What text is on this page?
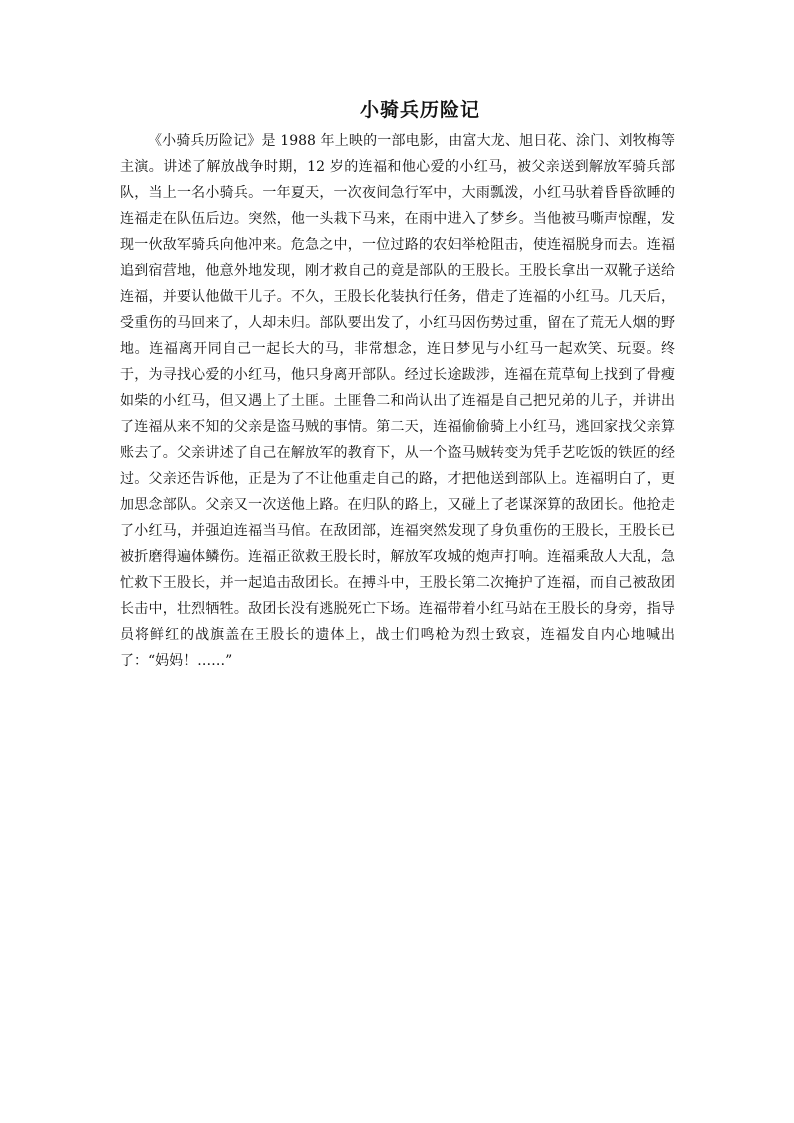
小骑兵历险记

《小骑兵历险记》是 1988 年上映的一部电影，由富大龙、旭日花、涂门、刘牧梅等主演。讲述了解放战争时期，12 岁的连福和他心爱的小红马，被父亲送到解放军骑兵部队，当上一名小骑兵。一年夏天，一次夜间急行军中，大雨瓢泼，小红马驮着昏昏欲睡的连福走在队伍后边。突然，他一头栽下马来，在雨中进入了梦乡。当他被马嘶声惊醒，发现一伙敌军骑兵向他冲来。危急之中，一位过路的农妇举枪阻击，使连福脱身而去。连福追到宿营地，他意外地发现，刚才救自己的竟是部队的王股长。王股长拿出一双靴子送给连福，并要认他做干儿子。不久，王股长化装执行任务，借走了连福的小红马。几天后，受重伤的马回来了，人却未归。部队要出发了，小红马因伤势过重，留在了荒无人烟的野地。连福离开同自己一起长大的马，非常想念，连日梦见与小红马一起欢笑、玩耍。终于，为寻找心爱的小红马，他只身离开部队。经过长途跋涉，连福在荒草甸上找到了骨瘦如柴的小红马，但又遇上了土匪。土匪鲁二和尚认出了连福是自己把兄弟的儿子，并讲出了连福从来不知的父亲是盗马贼的事情。第二天，连福偷偷骑上小红马，逃回家找父亲算账去了。父亲讲述了自己在解放军的教育下，从一个盗马贼转变为凭手艺吃饭的铁匠的经过。父亲还告诉他，正是为了不让他重走自己的路，才把他送到部队上。连福明白了，更加思念部队。父亲又一次送他上路。在归队的路上，又碰上了老谋深算的敌团长。他抢走了小红马，并强迫连福当马倌。在敌团部，连福突然发现了身负重伤的王股长，王股长已被折磨得遍体鳞伤。连福正欲救王股长时，解放军攻城的炮声打响。连福乘敌人大乱，急忙救下王股长，并一起追击敌团长。在搏斗中，王股长第二次掩护了连福，而自己被敌团长击中，壮烈牺牲。敌团长没有逃脱死亡下场。连福带着小红马站在王股长的身旁，指导员将鲜红的战旗盖在王股长的遗体上，战士们鸣枪为烈士致哀，连福发自内心地喊出了：“妈妈！……”
